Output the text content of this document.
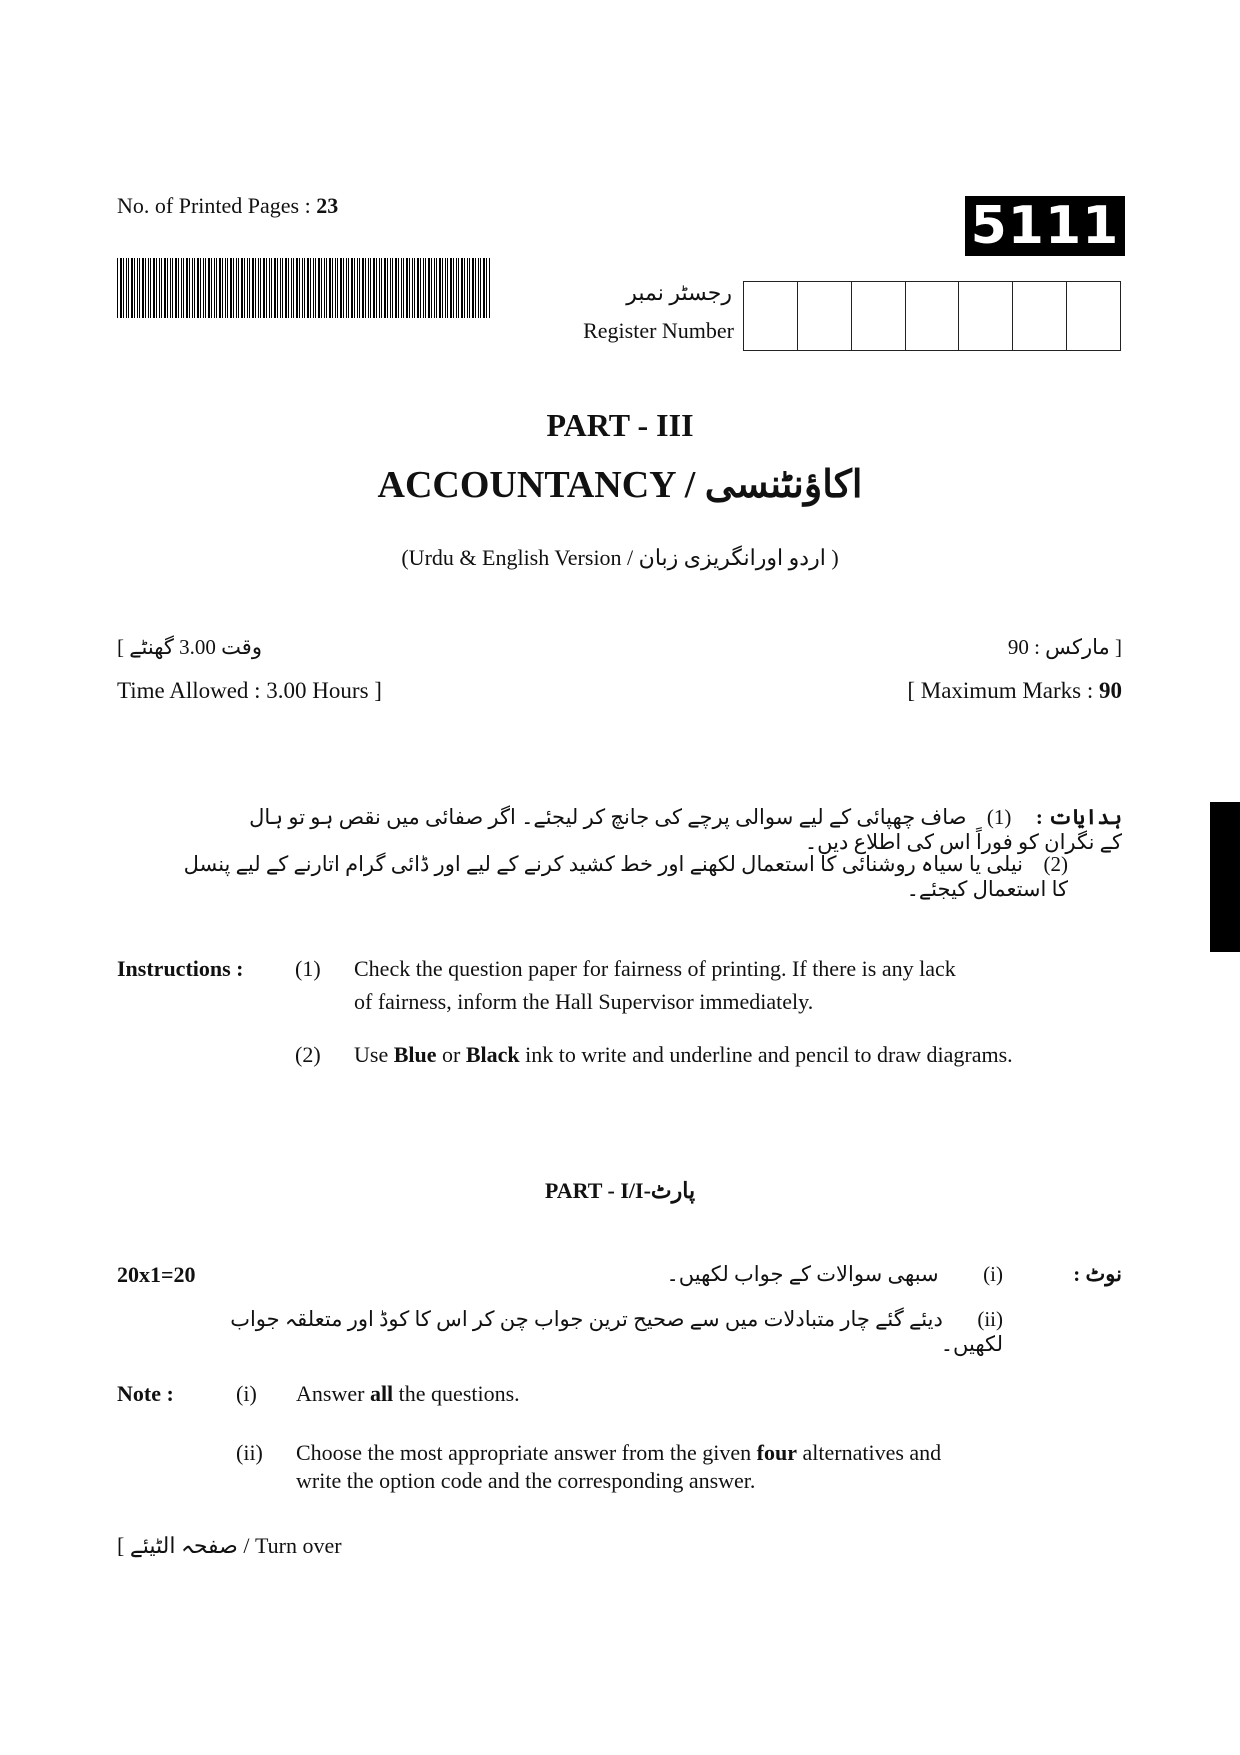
No. of Printed Pages : 23	5111
رجسٹر نمبر
Register Number
PART - III
ACCOUNTANCY / اکاؤنٹنسی
(Urdu & English Version / اردو اورانگریزی زبان )
[ وقت 3.00 گھنٹے
Time Allowed : 3.00 Hours ]
مارکس : 90 ]
[ Maximum Marks : 90
ہدایات :  (1)  صاف چھپائی کے لیے سوالی پرچے کی جانچ کر لیجئے۔ اگر صفائی میں نقص ہو تو ہال کے نگران کو فوراً اس کی اطلاع دیں۔
(2)  نیلی یا سیاہ روشنائی کا استعمال لکھنے اور خط کشید کرنے کے لیے اور ڈائی گرام اتارنے کے لیے پنسل کا استعمال کیجئے۔
Instructions : (1) Check the question paper for fairness of printing. If there is any lack
of fairness, inform the Hall Supervisor immediately.
(2) Use Blue or Black ink to write and underline and pencil to draw diagrams.
PART - I/I-پارٹ
20x1=20	نوٹ :
(i)  سبھی سوالات کے جواب لکھیں۔
(ii)  دیئے گئے چار متبادلات میں سے صحیح ترین جواب چن کر اس کا کوڈ اور متعلقہ جواب لکھیں۔
Note :	(i) Answer all the questions.
(ii) Choose the most appropriate answer from the given four alternatives and
write the option code and the corresponding answer.
[ صفحہ الٹیئے / Turn over
